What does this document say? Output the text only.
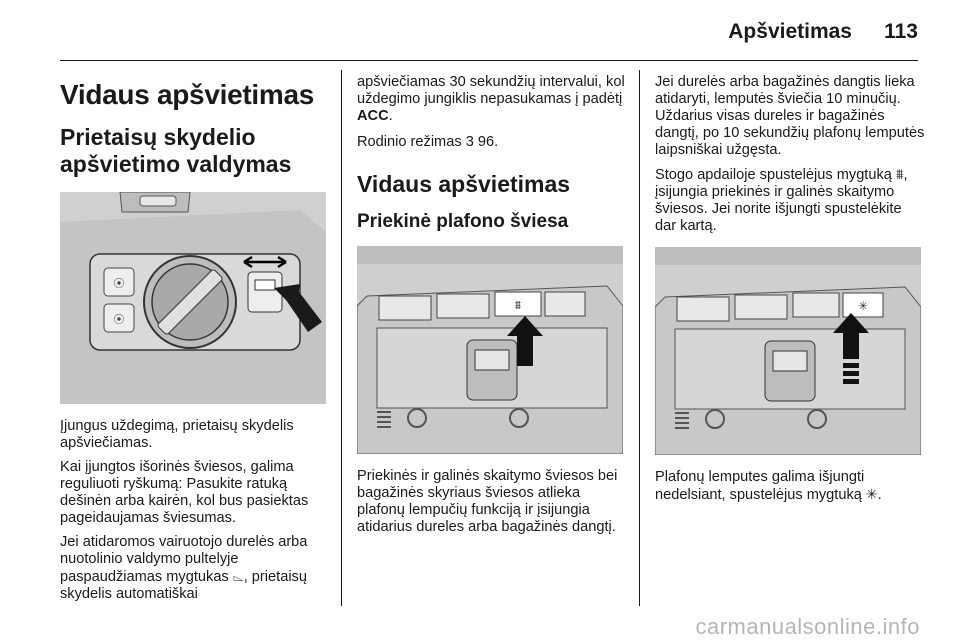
Apšvietimas 113
Vidaus apšvietimas
Prietaisų skydelio
apšvietimo valdymas
⦿
⦿

Įjungus uždegimą, prietaisų skydelis apšviečiamas.

Kai įjungtos išorinės šviesos, galima reguliuoti ryškumą: Pasukite ratuką dešinėn arba kairėn, kol bus pasiektas pageidaujamas šviesumas.

Jei atidaromos vairuotojo durelės arba nuotolinio valdymo pultelyje paspaudžiamas mygtukas ⌳, prietaisų skydelis automatiškai

apšviečiamas 30 sekundžių intervalui, kol uždegimo jungiklis nepasukamas į padėtį ACC.

Rodinio režimas 3 96.

Vidaus apšvietimas
Priekinė plafono šviesa
⩩

Priekinės ir galinės skaitymo šviesos bei bagažinės skyriaus šviesos atlieka plafonų lempučių funkciją ir įsijungia atidarius dureles arba bagažinės dangtį.

Jei durelės arba bagažinės dangtis lieka atidaryti, lemputės šviečia 10 minučių. Uždarius visas dureles ir bagažinės dangtį, po 10 sekundžių plafonų lemputės laipsniškai užgęsta.

Stogo apdailoje spustelėjus mygtuką ⩩, įsijungia priekinės ir galinės skaitymo šviesos. Jei norite išjungti spustelėkite dar kartą.

✳

Plafonų lemputes galima išjungti nedelsiant, spustelėjus mygtuką ✳.

carmanualsonline.info
